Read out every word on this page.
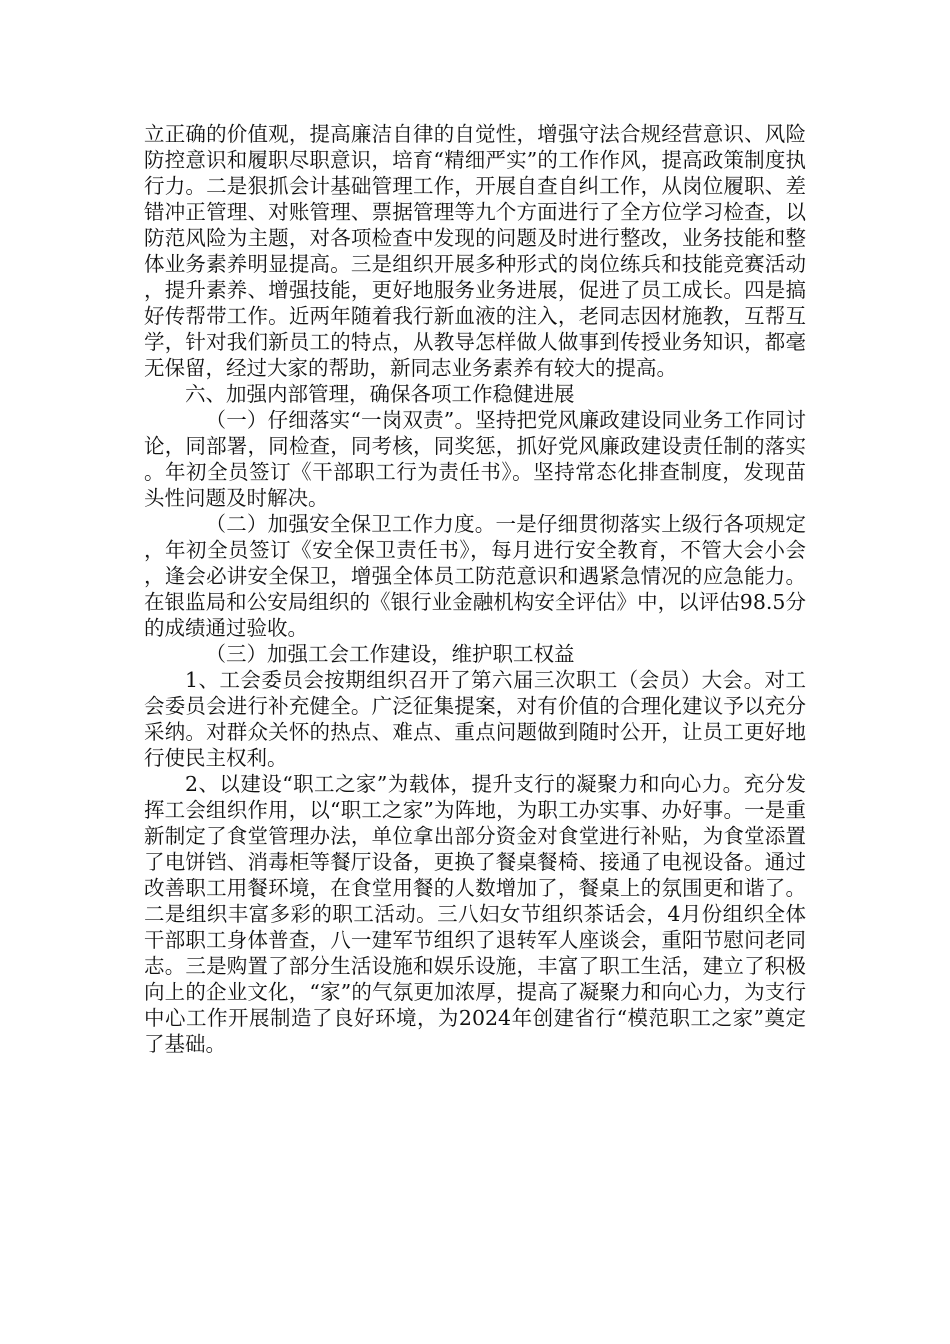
立正确的价值观，提高廉洁自律的自觉性，增强守法合规经营意识、风险防控意识和履职尽职意识，培育“精细严实”的工作作风，提高政策制度执行力。二是狠抓会计基础管理工作，开展自查自纠工作，从岗位履职、差错冲正管理、对账管理、票据管理等九个方面进行了全方位学习检查，以防范风险为主题，对各项检查中发现的问题及时进行整改，业务技能和整体业务素养明显提高。三是组织开展多种形式的岗位练兵和技能竞赛活动，提升素养、增强技能，更好地服务业务进展，促进了员工成长。四是搞好传帮带工作。近两年随着我行新血液的注入，老同志因材施教，互帮互学，针对我们新员工的特点，从教导怎样做人做事到传授业务知识，都毫无保留，经过大家的帮助，新同志业务素养有较大的提高。

六、加强内部管理，确保各项工作稳健进展

（一）仔细落实“一岗双责”。坚持把党风廉政建设同业务工作同讨论，同部署，同检查，同考核，同奖惩，抓好党风廉政建设责任制的落实。年初全员签订《干部职工行为责任书》。坚持常态化排查制度，发现苗头性问题及时解决。

（二）加强安全保卫工作力度。一是仔细贯彻落实上级行各项规定，年初全员签订《安全保卫责任书》，每月进行安全教育，不管大会小会，逢会必讲安全保卫，增强全体员工防范意识和遇紧急情况的应急能力。在银监局和公安局组织的《银行业金融机构安全评估》中，以评估98.5分的成绩通过验收。

（三）加强工会工作建设，维护职工权益

1、工会委员会按期组织召开了第六届三次职工（会员）大会。对工会委员会进行补充健全。广泛征集提案，对有价值的合理化建议予以充分采纳。对群众关怀的热点、难点、重点问题做到随时公开，让员工更好地行使民主权利。

2、以建设“职工之家”为载体，提升支行的凝聚力和向心力。充分发挥工会组织作用，以“职工之家”为阵地，为职工办实事、办好事。一是重新制定了食堂管理办法，单位拿出部分资金对食堂进行补贴，为食堂添置了电饼铛、消毒柜等餐厅设备，更换了餐桌餐椅、接通了电视设备。通过改善职工用餐环境，在食堂用餐的人数增加了，餐桌上的氛围更和谐了。二是组织丰富多彩的职工活动。三八妇女节组织茶话会，4月份组织全体干部职工身体普查，八一建军节组织了退转军人座谈会，重阳节慰问老同志。三是购置了部分生活设施和娱乐设施，丰富了职工生活，建立了积极向上的企业文化，“家”的气氛更加浓厚，提高了凝聚力和向心力，为支行中心工作开展制造了良好环境，为2024年创建省行“模范职工之家”奠定了基础。
